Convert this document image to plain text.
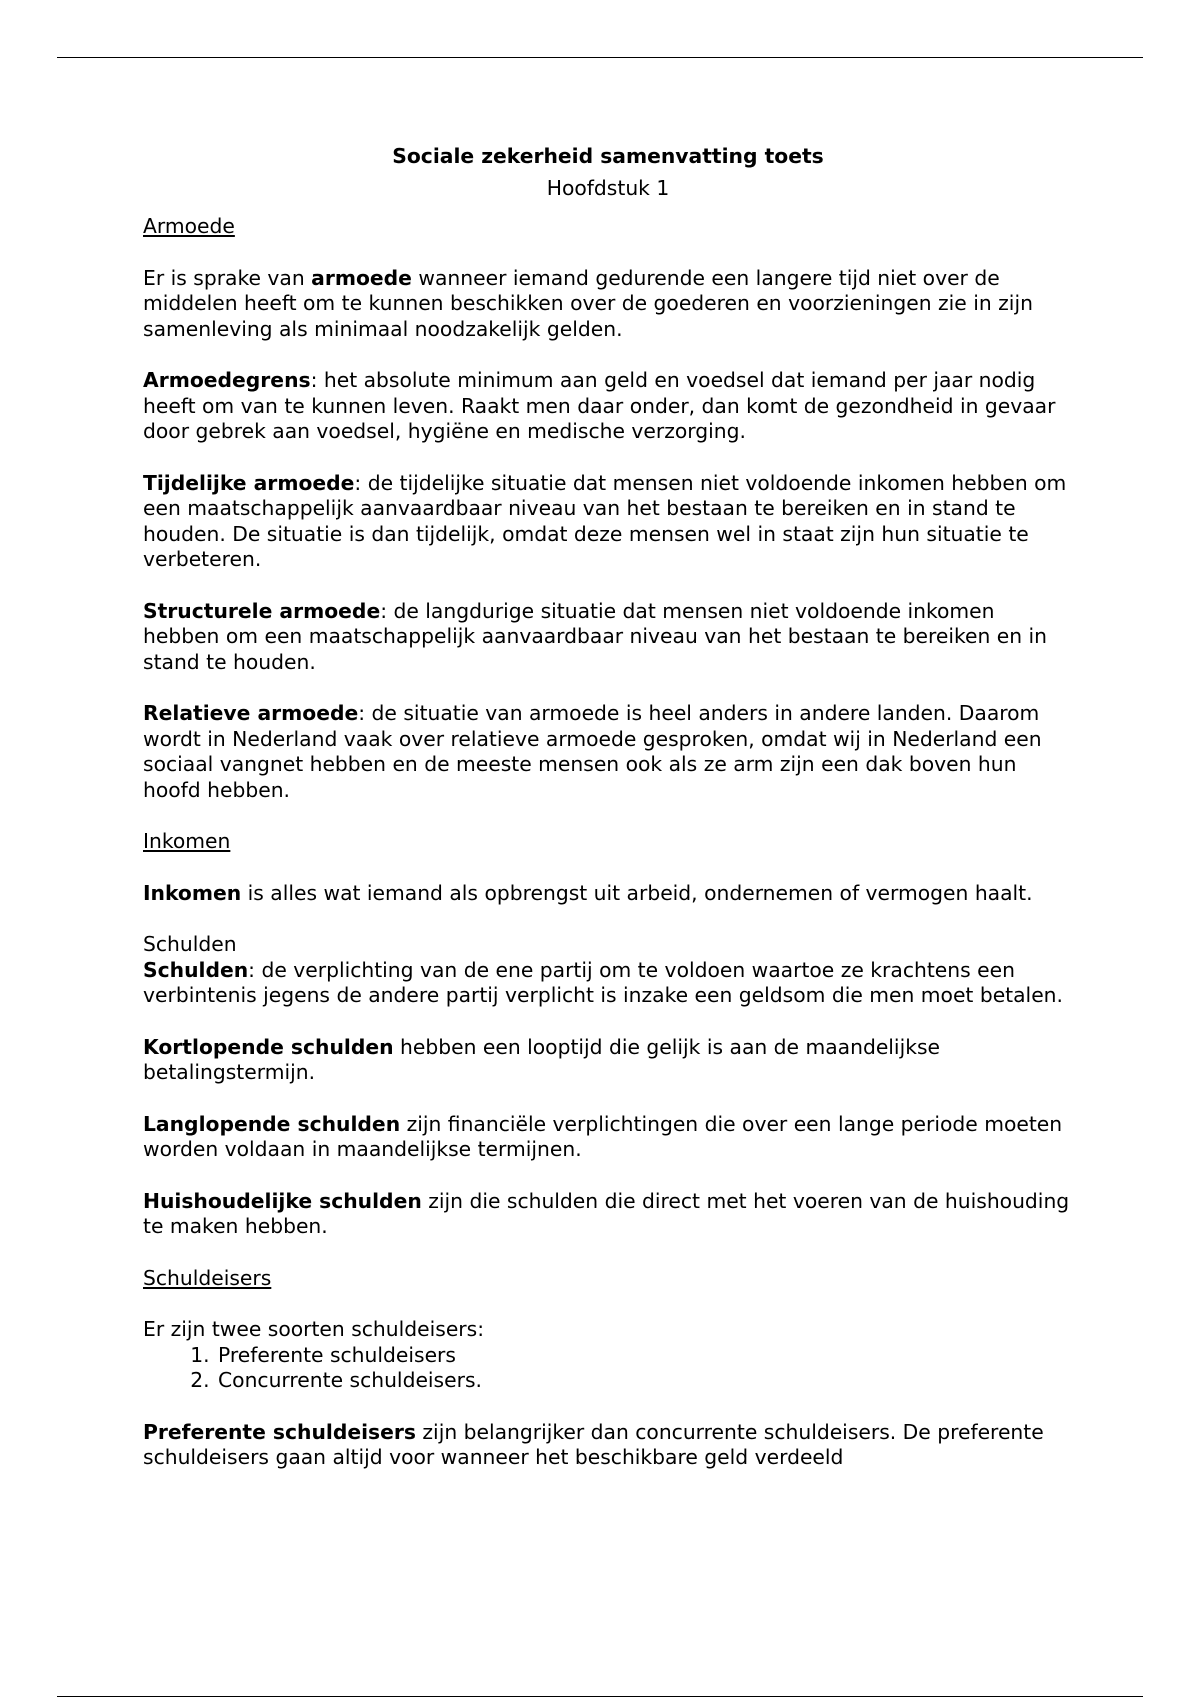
Sociale zekerheid samenvatting toets

Hoofdstuk 1

Armoede

Er is sprake van armoede wanneer iemand gedurende een langere tijd niet over de middelen heeft om te kunnen beschikken over de goederen en voorzieningen zie in zijn samenleving als minimaal noodzakelijk gelden.

Armoedegrens: het absolute minimum aan geld en voedsel dat iemand per jaar nodig heeft om van te kunnen leven. Raakt men daar onder, dan komt de gezondheid in gevaar door gebrek aan voedsel, hygiëne en medische verzorging.

Tijdelijke armoede: de tijdelijke situatie dat mensen niet voldoende inkomen hebben om een maatschappelijk aanvaardbaar niveau van het bestaan te bereiken en in stand te houden. De situatie is dan tijdelijk, omdat deze mensen wel in staat zijn hun situatie te verbeteren.

Structurele armoede: de langdurige situatie dat mensen niet voldoende inkomen hebben om een maatschappelijk aanvaardbaar niveau van het bestaan te bereiken en in stand te houden.

Relatieve armoede: de situatie van armoede is heel anders in andere landen. Daarom wordt in Nederland vaak over relatieve armoede gesproken, omdat wij in Nederland een sociaal vangnet hebben en de meeste mensen ook als ze arm zijn een dak boven hun hoofd hebben.

Inkomen

Inkomen is alles wat iemand als opbrengst uit arbeid, ondernemen of vermogen haalt.

Schulden

Schulden: de verplichting van de ene partij om te voldoen waartoe ze krachtens een verbintenis jegens de andere partij verplicht is inzake een geldsom die men moet betalen.

Kortlopende schulden hebben een looptijd die gelijk is aan de maandelijkse betalingstermijn.

Langlopende schulden zijn financiële verplichtingen die over een lange periode moeten worden voldaan in maandelijkse termijnen.

Huishoudelijke schulden zijn die schulden die direct met het voeren van de huishouding te maken hebben.

Schuldeisers

Er zijn twee soorten schuldeisers:

1. Preferente schuldeisers
2. Concurrente schuldeisers.

Preferente schuldeisers zijn belangrijker dan concurrente schuldeisers. De preferente schuldeisers gaan altijd voor wanneer het beschikbare geld verdeeld
